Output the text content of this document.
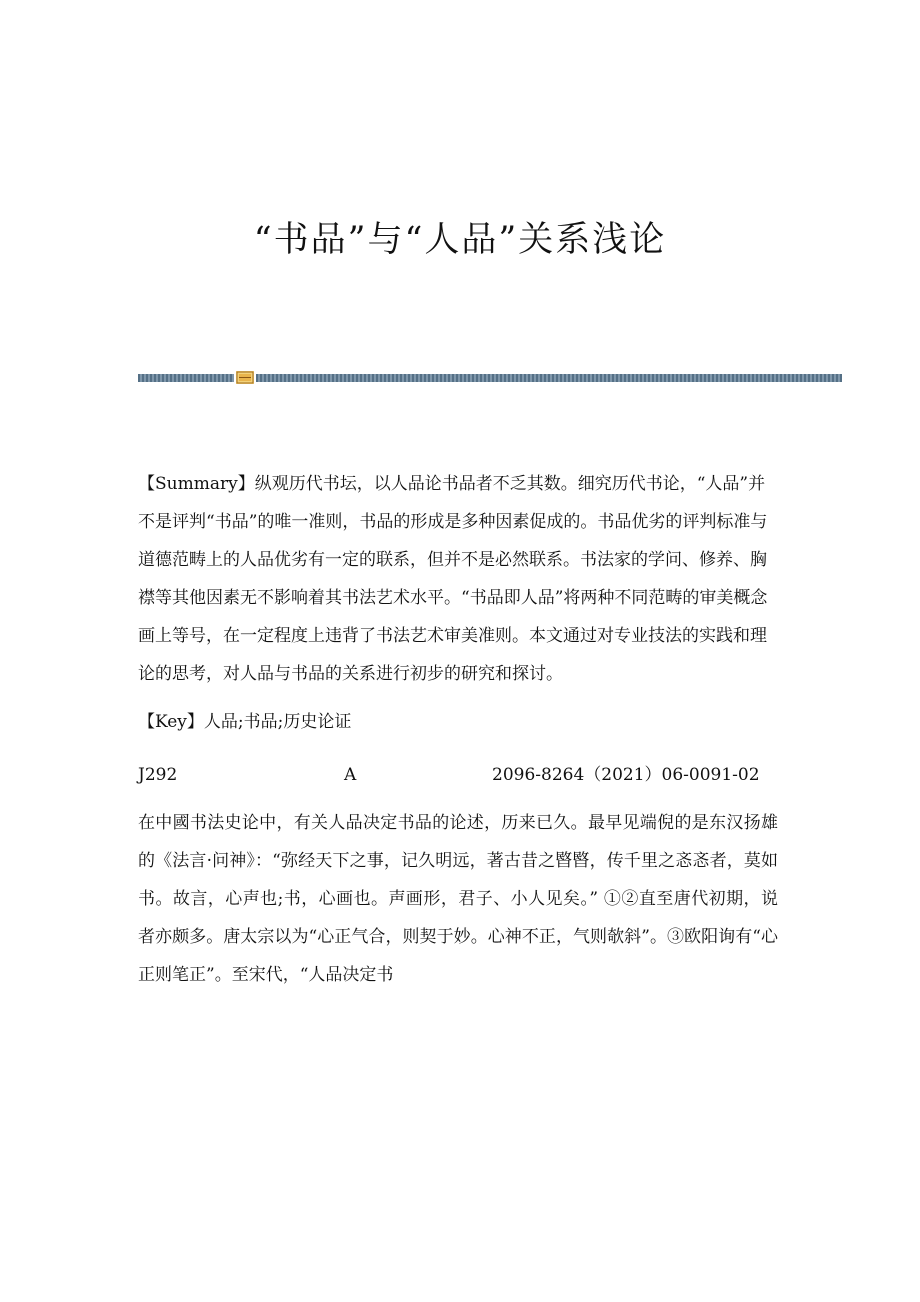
“书品”与“人品”关系浅论

【Summary】纵观历代书坛，以人品论书品者不乏其数。细究历代书论，“人品”并不是评判“书品”的唯一准则，书品的形成是多种因素促成的。书品优劣的评判标准与道德范畴上的人品优劣有一定的联系，但并不是必然联系。书法家的学问、修养、胸襟等其他因素无不影响着其书法艺术水平。“书品即人品”将两种不同范畴的审美概念画上等号，在一定程度上违背了书法艺术审美准则。本文通过对专业技法的实践和理论的思考，对人品与书品的关系进行初步的研究和探讨。

【Key】人品;书品;历史论证

J292	A	2096-8264（2021）06-0091-02

在中國书法史论中，有关人品决定书品的论述，历来已久。最早见端倪的是东汉扬雄的《法言·问神》：“弥经天下之事，记久明远，著古昔之暋暋，传千里之忞忞者，莫如书。故言，心声也;书，心画也。声画形，君子、小人见矣。” ①②直至唐代初期，说者亦颇多。唐太宗以为“心正气合，则契于妙。心神不正，气则欹斜”。③欧阳询有“心正则笔正”。至宋代，“人品决定书
